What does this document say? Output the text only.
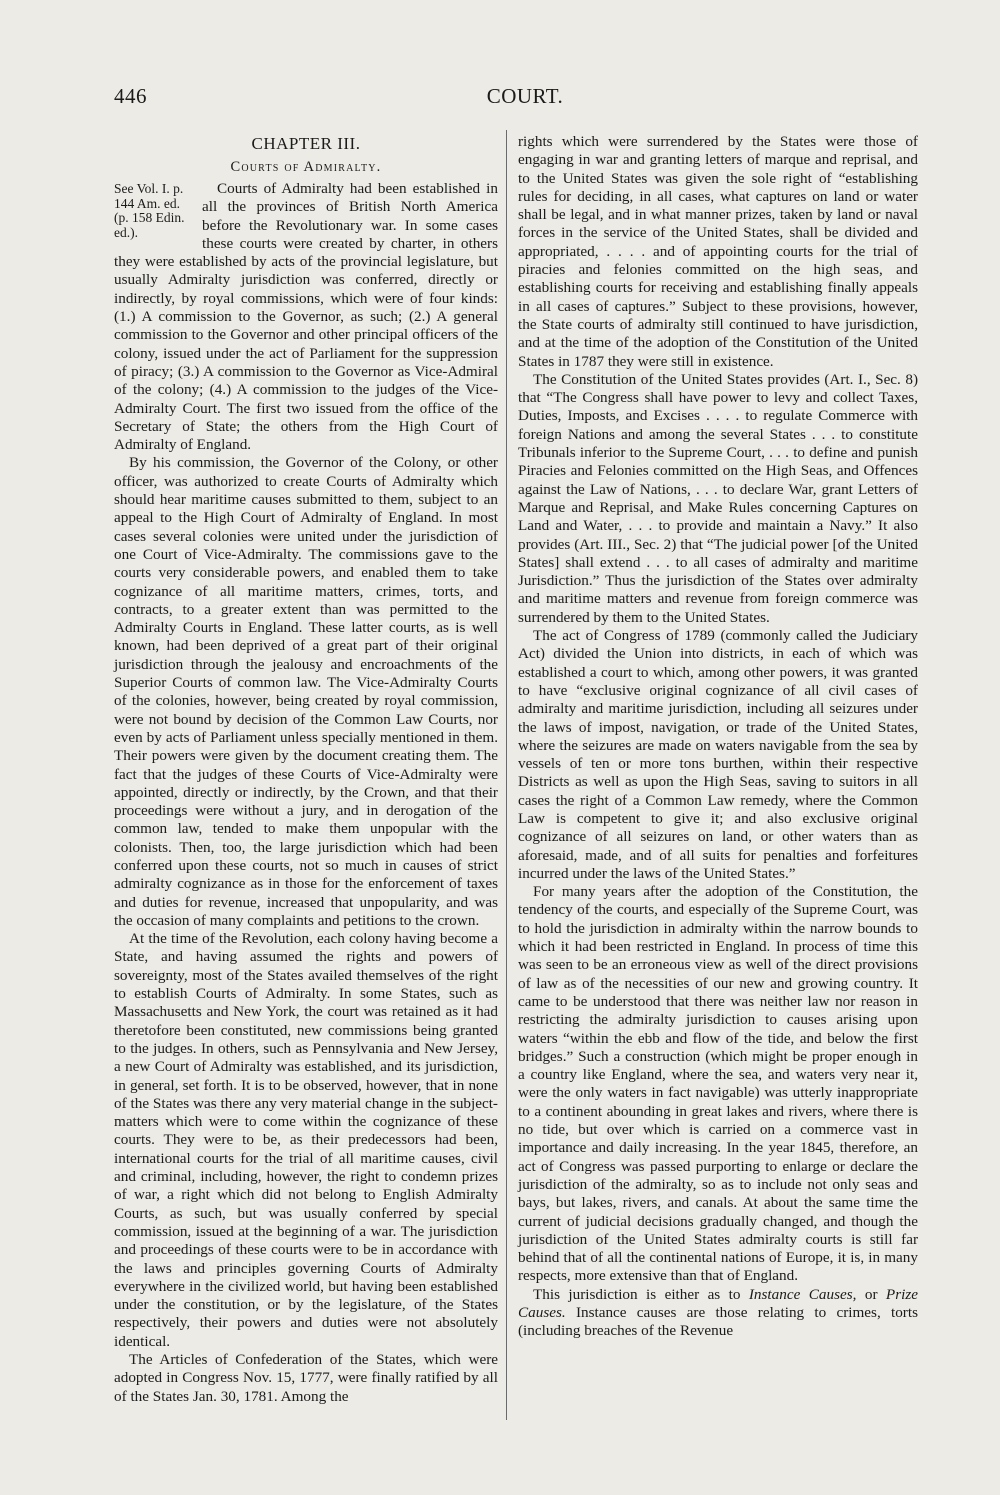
446	COURT.
CHAPTER III.
Courts of Admiralty.

See Vol. I. p. 144 Am. ed. (p. 158 Edin. ed.).
Courts of Admiralty had been established in all the provinces of British North America before the Revolutionary war. In some cases these courts were created by charter, in others they were established by acts of the provincial legislature, but usually Admiralty jurisdiction was conferred, directly or indirectly, by royal commissions, which were of four kinds: (1.) A commission to the Governor, as such; (2.) A general commission to the Governor and other principal officers of the colony, issued under the act of Parliament for the suppression of piracy; (3.) A commission to the Governor as Vice-Admiral of the colony; (4.) A commission to the judges of the Vice-Admiralty Court. The first two issued from the office of the Secretary of State; the others from the High Court of Admiralty of England.

By his commission, the Governor of the Colony, or other officer, was authorized to create Courts of Admiralty which should hear maritime causes submitted to them, subject to an appeal to the High Court of Admiralty of England. In most cases several colonies were united under the jurisdiction of one Court of Vice-Admiralty. The commissions gave to the courts very considerable powers, and enabled them to take cognizance of all maritime matters, crimes, torts, and contracts, to a greater extent than was permitted to the Admiralty Courts in England. These latter courts, as is well known, had been deprived of a great part of their original jurisdiction through the jealousy and encroachments of the Superior Courts of common law. The Vice-Admiralty Courts of the colonies, however, being created by royal commission, were not bound by decision of the Common Law Courts, nor even by acts of Parliament unless specially mentioned in them. Their powers were given by the document creating them. The fact that the judges of these Courts of Vice-Admiralty were appointed, directly or indirectly, by the Crown, and that their proceedings were without a jury, and in derogation of the common law, tended to make them unpopular with the colonists. Then, too, the large jurisdiction which had been conferred upon these courts, not so much in causes of strict admiralty cognizance as in those for the enforcement of taxes and duties for revenue, increased that unpopularity, and was the occasion of many complaints and petitions to the crown.

At the time of the Revolution, each colony having become a State, and having assumed the rights and powers of sovereignty, most of the States availed themselves of the right to establish Courts of Admiralty. In some States, such as Massachusetts and New York, the court was retained as it had theretofore been constituted, new commissions being granted to the judges. In others, such as Pennsylvania and New Jersey, a new Court of Admiralty was established, and its jurisdiction, in general, set forth. It is to be observed, however, that in none of the States was there any very material change in the subject-matters which were to come within the cognizance of these courts. They were to be, as their predecessors had been, international courts for the trial of all maritime causes, civil and criminal, including, however, the right to condemn prizes of war, a right which did not belong to English Admiralty Courts, as such, but was usually conferred by special commission, issued at the beginning of a war. The jurisdiction and proceedings of these courts were to be in accordance with the laws and principles governing Courts of Admiralty everywhere in the civilized world, but having been established under the constitution, or by the legislature, of the States respectively, their powers and duties were not absolutely identical.

The Articles of Confederation of the States, which were adopted in Congress Nov. 15, 1777, were finally ratified by all of the States Jan. 30, 1781. Among the

rights which were surrendered by the States were those of engaging in war and granting letters of marque and reprisal, and to the United States was given the sole right of “establishing rules for deciding, in all cases, what captures on land or water shall be legal, and in what manner prizes, taken by land or naval forces in the service of the United States, shall be divided and appropriated, . . . . and of appointing courts for the trial of piracies and felonies committed on the high seas, and establishing courts for receiving and establishing finally appeals in all cases of captures.” Subject to these provisions, however, the State courts of admiralty still continued to have jurisdiction, and at the time of the adoption of the Constitution of the United States in 1787 they were still in existence.

The Constitution of the United States provides (Art. I., Sec. 8) that “The Congress shall have power to levy and collect Taxes, Duties, Imposts, and Excises . . . . to regulate Commerce with foreign Nations and among the several States . . . to constitute Tribunals inferior to the Supreme Court, . . . to define and punish Piracies and Felonies committed on the High Seas, and Offences against the Law of Nations, . . . to declare War, grant Letters of Marque and Reprisal, and Make Rules concerning Captures on Land and Water, . . . to provide and maintain a Navy.” It also provides (Art. III., Sec. 2) that “The judicial power [of the United States] shall extend . . . to all cases of admiralty and maritime Jurisdiction.” Thus the jurisdiction of the States over admiralty and maritime matters and revenue from foreign commerce was surrendered by them to the United States.

The act of Congress of 1789 (commonly called the Judiciary Act) divided the Union into districts, in each of which was established a court to which, among other powers, it was granted to have “exclusive original cognizance of all civil cases of admiralty and maritime jurisdiction, including all seizures under the laws of impost, navigation, or trade of the United States, where the seizures are made on waters navigable from the sea by vessels of ten or more tons burthen, within their respective Districts as well as upon the High Seas, saving to suitors in all cases the right of a Common Law remedy, where the Common Law is competent to give it; and also exclusive original cognizance of all seizures on land, or other waters than as aforesaid, made, and of all suits for penalties and forfeitures incurred under the laws of the United States.”

For many years after the adoption of the Constitution, the tendency of the courts, and especially of the Supreme Court, was to hold the jurisdiction in admiralty within the narrow bounds to which it had been restricted in England. In process of time this was seen to be an erroneous view as well of the direct provisions of law as of the necessities of our new and growing country. It came to be understood that there was neither law nor reason in restricting the admiralty jurisdiction to causes arising upon waters “within the ebb and flow of the tide, and below the first bridges.” Such a construction (which might be proper enough in a country like England, where the sea, and waters very near it, were the only waters in fact navigable) was utterly inappropriate to a continent abounding in great lakes and rivers, where there is no tide, but over which is carried on a commerce vast in importance and daily increasing. In the year 1845, therefore, an act of Congress was passed purporting to enlarge or declare the jurisdiction of the admiralty, so as to include not only seas and bays, but lakes, rivers, and canals. At about the same time the current of judicial decisions gradually changed, and though the jurisdiction of the United States admiralty courts is still far behind that of all the continental nations of Europe, it is, in many respects, more extensive than that of England.

This jurisdiction is either as to Instance Causes, or Prize Causes. Instance causes are those relating to crimes, torts (including breaches of the Revenue
